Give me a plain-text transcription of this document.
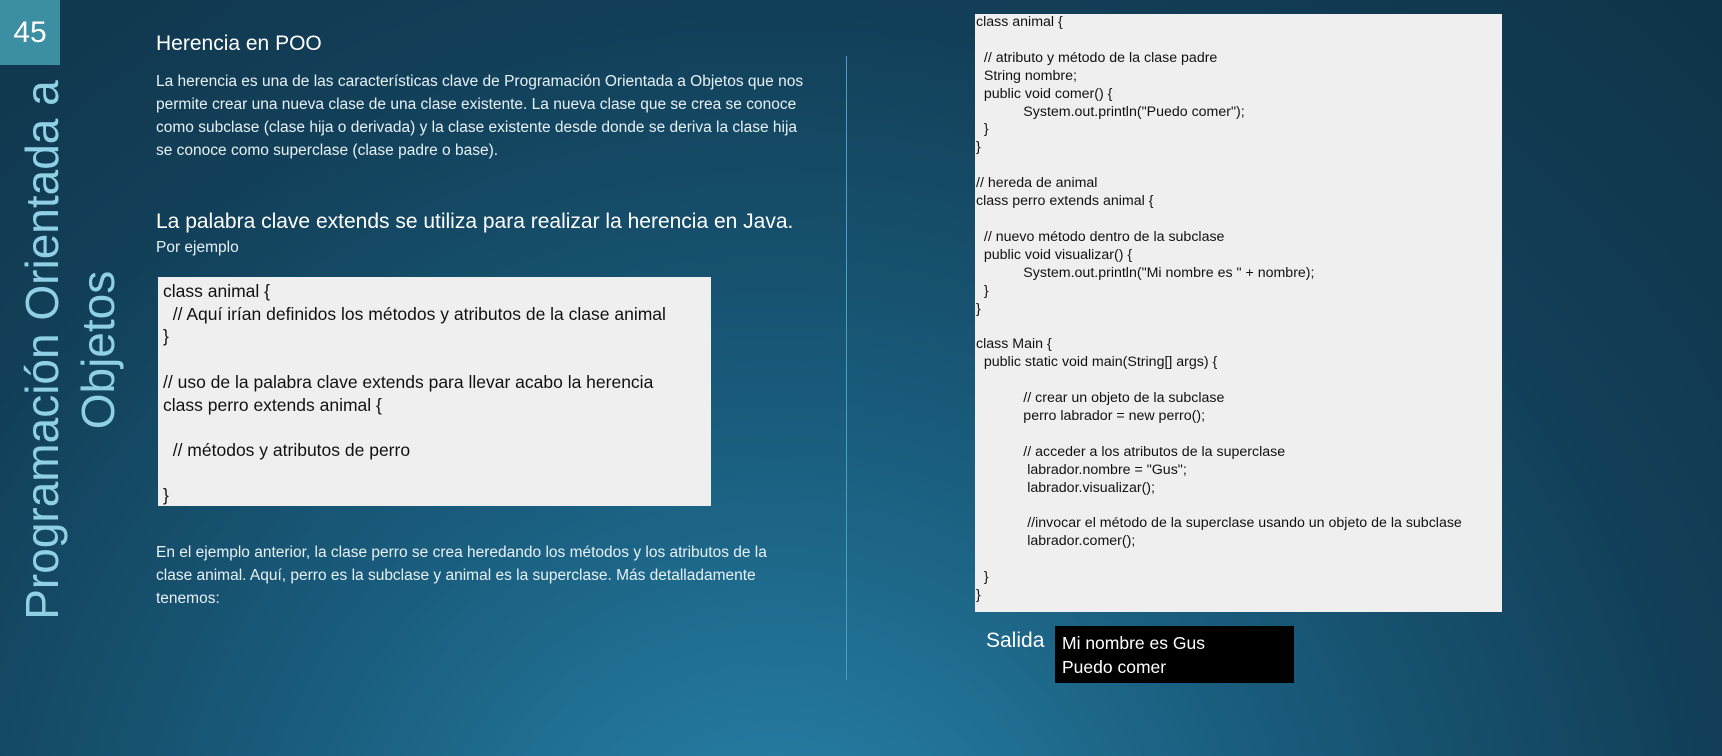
45
Programación Orientada a Objetos
Herencia en POO
La herencia es una de las características clave de Programación Orientada a Objetos que nos permite crear una nueva clase de una clase existente. La nueva clase que se crea se conoce como subclase (clase hija o derivada) y la clase existente desde donde se deriva la clase hija se conoce como superclase (clase padre o base).
La palabra clave extends se utiliza para realizar la herencia en Java.
Por ejemplo
class animal {
// Aquí irían definidos los métodos y atributos de la clase animal
}

// uso de la palabra clave extends para llevar acabo la herencia
class perro extends animal {

// métodos y atributos de perro

}
En el ejemplo anterior, la clase perro se crea heredando los métodos y los atributos de la clase animal. Aquí, perro es la subclase y animal es la superclase. Más detalladamente tenemos:
class animal {

// atributo y método de la clase padre
String nombre;
public void comer() {
System.out.println("Puedo comer");
}
}

// hereda de animal
class perro extends animal {

// nuevo método dentro de la subclase
public void visualizar() {
System.out.println("Mi nombre es " + nombre);
}
}

class Main {
public static void main(String[] args) {

// crear un objeto de la subclase
perro labrador = new perro();

// acceder a los atributos de la superclase
labrador.nombre = "Gus";
labrador.visualizar();

//invocar el método de la superclase usando un objeto de la subclase
labrador.comer();

}
}
Salida Mi nombre es Gus
Puedo comer
